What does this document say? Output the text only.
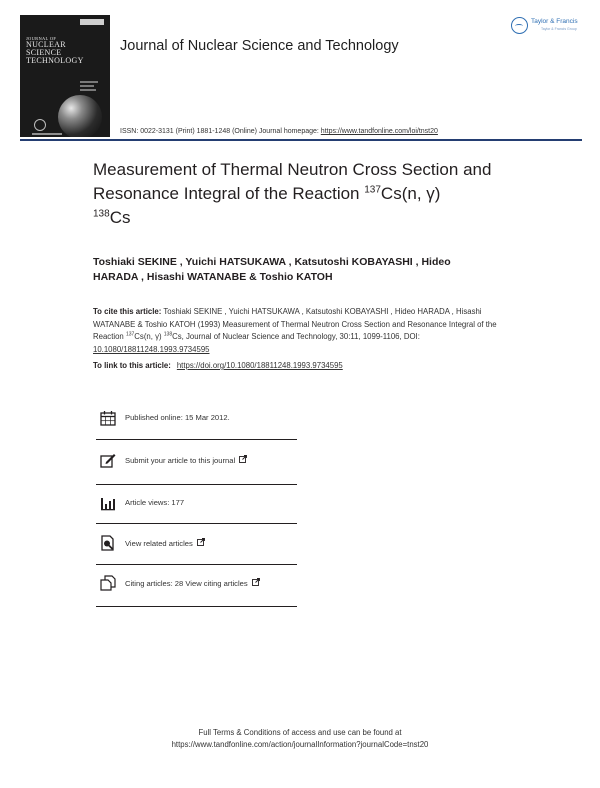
JOURNAL OF
NUCLEAR
SCIENCE
TECHNOLOGY
Journal of Nuclear Science and Technology
Taylor & Francis
Taylor & Francis Group
ISSN: 0022-3131 (Print) 1881-1248 (Online) Journal homepage: https://www.tandfonline.com/loi/tnst20
Measurement of Thermal Neutron Cross Section and Resonance Integral of the Reaction $^{137}$Cs(n, γ)
$^{138}$Cs
Toshiaki SEKINE , Yuichi HATSUKAWA , Katsutoshi KOBAYASHI , Hideo HARADA , Hisashi WATANABE & Toshio KATOH
To cite this article: Toshiaki SEKINE , Yuichi HATSUKAWA , Katsutoshi KOBAYASHI , Hideo HARADA , Hisashi WATANABE & Toshio KATOH (1993) Measurement of Thermal Neutron Cross Section and Resonance Integral of the Reaction $^{137}$Cs(n, γ) $^{138}$Cs, Journal of Nuclear Science and Technology, 30:11, 1099-1106, DOI: 10.1080/18811248.1993.9734595
To link to this article: https://doi.org/10.1080/18811248.1993.9734595
Published online: 15 Mar 2012.
Submit your article to this journal
Article views: 177
View related articles
Citing articles: 28 View citing articles
Full Terms & Conditions of access and use can be found at
https://www.tandfonline.com/action/journalInformation?journalCode=tnst20
